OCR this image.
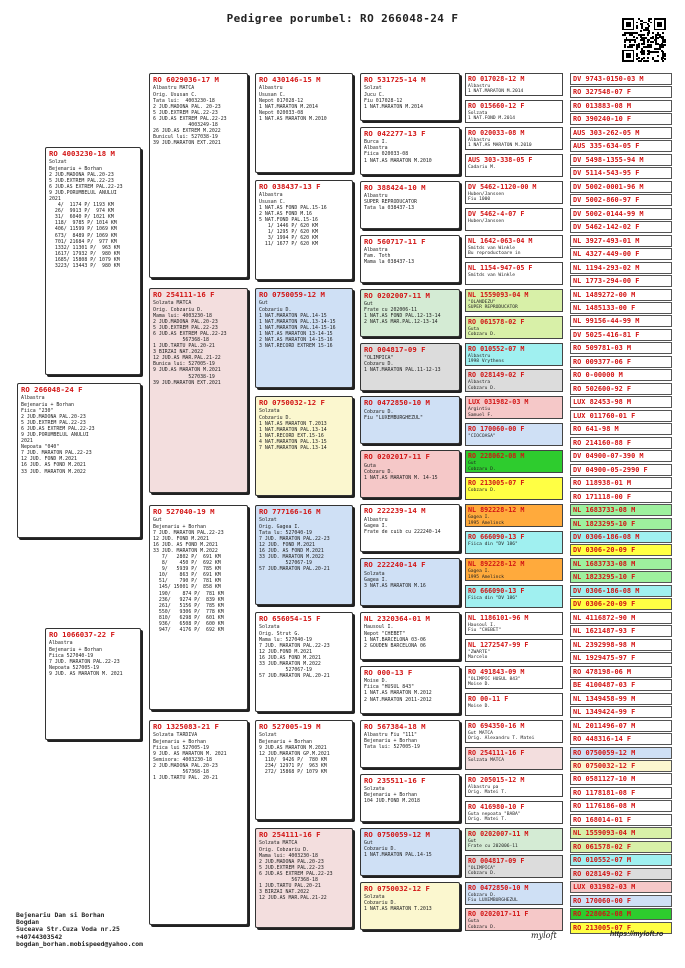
Pedigree porumbel: RO 266048-24 F
RO 266048-24 F
Albastra
Bejenariu + Borhan
Fiica "230"
2 JUD.MADONA PAL.20-23
5 JUD.EXTREM PAL.22-23
6 JUD.AS EXTREM PAL.22-23
9 JUD.PORUMBELUL ANULUI
2021
Nepoata "040"
7 JUD. MARATON PAL.22-23
12 JUD. FOND M.2021
16 JUD. AS FOND M.2021
33 JUD. MARATON M.2022
RO 4003230-18 M
Solzat
Bejenariu + Borhan
2 JUD.MADONA PAL.20-23
5 JUD.EXTREM PAL.22-23
6 JUD.AS EXTREM PAL.22-23
9 JUD.PORUMBELUL ANULUI
2021
4/  1174 P/ 1193 KM
26/  9913 P/  974 KM
31/  6040 P/ 1021 KM
118/  9785 P/ 1014 KM
406/ 11599 P/ 1069 KM
673/  8489 P/ 1069 KM
701/ 21684 P/  977 KM
1332/ 11301 P/  963 KM
1617/ 17932 P/  980 KM
1685/ 15808 P/ 1079 KM
3223/ 13443 P/  980 KM
RO 1066037-22 F
Albastra
Bejenariu + Borhan
Fiica 527040-19
7 JUD. MARATON PAL.22-23
Nepoata 527005-19
9 JUD. AS MARATON M. 2021
RO 6029036-17 M
Albastru MATCA
Orig. Ususan C.
Tata lui:  4003230-18
2 JUD.MADONA PAL. 20-23
5 JUD.EXTREM PAL.22-23
6 JUD.AS EXTREM PAL.22-23
4003249-18
26 JUD.AS EXTREM M.2022
Bunicul lui: 527038-19
39 JUD.MARATON EXT.2021
RO 254111-16 F
Solzata MATCA
Orig. Cobzariu D.
Mama lui: 4003230-18
2 JUD.MADONA PAL.20-23
5 JUD.EXTREM PAL.22-23
6 JUD.AS EXTREM PAL.22-23
567368-18
1 JUD.TARTU PAL.20-21
3 BIRZAI NAT.2022
12 JUD.AS MAR.PAL.21-22
Bunica lui: 527005-19
9 JUD.AS MARATON M.2021
527038-19
39 JUD.MARATON EXT.2021
RO 527040-19 M
Gut
Bejenariu + Borhan
7 JUD. MARATON PAL.22-23
12 JUD. FOND M.2021
16 JUD. AS FOND M.2021
33 JUD. MARATON M.2022
7/   2802 P/  691 KM
8/    450 P/  692 KM
9/   5939 P/  785 KM
10/    863 P/  691 KM
51/    790 P/  781 KM
145/ 15001 P/  858 KM
190/    874 P/  781 KM
236/   9274 P/  839 KM
261/   5156 P/  785 KM
550/   9306 P/  778 KM
810/   6298 P/  601 KM
936/   6508 P/  600 KM
947/   4176 P/  692 KM
RO 1325083-21 F
Solzata TARDIVA
Bejenariu + Borhan
Fiica lui 527005-19
9 JUD. AS MARATON M. 2021
Semisora: 4003230-18
2 JUD.MADONA PAL.20-23
567368-18
1 JUD.TARTU PAL. 20-21
RO 430146-15 M
Albastru
Ususan C.
Nepot 017028-12
1 NAT.MARATON M.2014
Nepot 020033-08
1 NAT.AS MARATON M.2010
RO 038437-13 F
Albastra
Ususan C.
1 NAT.AS FOND PAL.15-16
2 NAT.AS FOND M.16
5 NAT.FOND PAL.15-16
1/ 1446 P/ 620 KM
1/ 1295 P/ 620 KM
3/ 1994 P/ 620 KM
11/ 1677 P/ 620 KM
RO 0750059-12 M
Gut
Cobzariu D.
1 NAT.MARATON PAL.14-15
1 NAT.MARATON PAL.13-14-15
1 NAT.MARATON PAL.14-15-16
1 NAT.AS MARATON 13-14-15
2 NAT.AS MARATON 14-15-16
3 NAT.RECORD EXTREM 15-16
RO 0750032-12 F
Solzata
Cobzariu D.
1 NAT.AS MARATON T.2013
1 NAT.MARATON PAL.13-14
1 NAT.RECORD EXT.15-16
4 NAT.MARATON PAL.13-15
7 NAT.MARATON PAL.13-14
RO 777166-16 M
Solzat
Orig. Gagea I.
Tata lu: 527040-19
7 JUD. MARATON PAL.22-23
12 JUD. FOND M.2021
16 JUD. AS FOND M.2021
33 JUD. MARATON M.2022
527067-19
57 JUD.MARATON PAL.20-21
RO 656054-15 F
Solzata
Orig. Strut G.
Mama lu: 527040-19
7 JUD. MARATON PAL.22-23
12 JUD.FOND M.2021
16 JUD.AS FOND M.2021
33 JUD.MARATON M.2022
527067-19
57 JUD.MARATON PAL.20-21
RO 527005-19 M
Solzat
Bejenariu + Borhan
9 JUD.AS MARATON M.2021
12 JUD.MARATON GP.M.2021
110/  9426 P/  780 KM
234/ 12971 P/  963 KM
272/ 15868 P/ 1079 KM
RO 254111-16 F
Solzata MATCA
Orig. Cobzariu D.
Mama lui: 4003230-18
2 JUD.MADONA PAL.20-23
5 JUD.EXTREM PAL.22-23
6 JUD.AS EXTREM PAL.22-23
567368-18
1 JUD.TARTU PAL.20-21
3 BIRZAI NAT.2022
12 JUD.AS MAR.PAL.21-22
RO 531725-14 M
Solzat
Jucu C.
Fiu 017028-12
1 NAT.MARATON M.2014
RO 042277-13 F
Burca I.
Albastra
Fiica 020033-08
1 NAT.AS MARATON M.2010
RO 388424-10 M
Albastru
SUPER REPRODUCATOR
Tata la 038437-13
RO 560717-11 F
Albastra
Fam. Toth
Mama la 038437-13
RO 0202007-11 M
Gut
Frate cu 202006-11
1 NAT.AS FOND PAL.12-13-14
2 NAT.AS MAR.PAL.12-13-14
RO 004817-09 F
"OLIMPICA"
Cobzaru D.
1 NAT.MARATON PAL.11-12-13
RO 0472850-10 M
Cobzaru D.
Fiu "LUXEMBURGHEZUL"
RO 0202017-11 F
Guta
Cobzaru D.
1 NAT.AS MARATON M. 14-15
RO 222239-14 M
Albastru
Gagea I.
Frate de cuib cu 222240-14
RO 222240-14 F
Solzata
Gagea I.
3 NAT.AS MARATON M.16
NL 2320364-01 M
Hausoul I.
Nepot "CHEBET"
1 NAT.BARCELONA 03-06
2 GOUDEN BARCELONA 06
RO 000-13 F
Moise D.
Fiica "HUSUL 843"
1 NAT.AS MARATON M.2012
2 NAT.MARATON 2011-2012
RO 567384-18 M
Albastru Fiu "111"
Bejenariu + Borhan
Tata lui: 527005-19
RO 235511-16 F
Solzata
Bejenariu + Borhan
104 JUD.FOND M.2018
RO 0750059-12 M
Gut
Cobzariu D.
1 NAT.MARATON PAL.14-15
RO 0750032-12 F
Solzata
Cobzariu D.
1 NAT.AS MARATON T.2013
RO 017028-12 M
Albastru
1 NAT.MARATON M.2014
RO 015660-12 F
Solzata
1 NAT.FOND M.2014
RO 020033-08 M
Albastru
1 NAT.AS MARATON M.2010
AUS 303-338-05 F
Cadariu M.
DV 5462-1120-00 M
Huben/Janssen
Fiu 1000
DV 5462-4-07 F
Huben/Janssen
NL 1642-063-04 M
Smitds van Winkle
Bu reproductoare in
NL 1154-947-05 F
Smitds van Winkle
NL 1559093-04 M
"OLANDEZU"
SUPER REPRODUCATOR
RO 061578-02 F
Guta
Cobzaru D.
RO 010552-07 M
Albastru
1998 Vrythens
RO 028149-02 F
Albastra
Cobzaru D.
LUX 031982-03 M
Argintiu
Samuel F.
RO 170060-00 F
"CIOCOASA"
RO 228062-08 M
Gut
Cobzaru D.
RO 213005-07 F
Cobzaru D.
NL 892228-12 M
Gagea I.
1995 Amelinck
RO 666090-13 F
Fiica din "DV 186"
NL 892228-12 M
Gagea I.
1995 Amelinck
RO 666090-13 F
Fiica din "DV 186"
NL 1186101-96 M
Hausoul I.
Fiu "CHEBET"
NL 1272547-99 F
"ZWARTE"
Marcelo
RO 491843-09 M
"OLIMPIC HUSUL 843"
Moise D.
RO 00-11 F
Moise D.
RO 694350-16 M
Gut MATCA
Orig. Alexandru T. Matei
RO 254111-16 F
Solzata MATCA
RO 205015-12 M
Albastru pa
Orig. Matei T.
RO 416980-10 F
Guta nepoata "BABA"
Orig. Matei T.
RO 0202007-11 M
Gut
Frate cu 202006-11
RO 004817-09 F
"OLIMPICA"
Cobzaru D.
RO 0472850-10 M
Cobzaru D.
Fiu LUXEMBURGHEZUL
RO 0202017-11 F
Guta
Cobzaru D.
DV 9743-0150-03 M
RO 327548-07 F
RO 013883-08 M
RO 390240-10 F
AUS 303-262-05 M
AUS 335-634-05 F
DV 5498-1355-94 M
DV 5114-543-95 F
DV 5002-0001-96 M
DV 5002-860-97 F
DV 5002-0144-99 M
DV 5462-142-02 F
NL 3927-493-01 M
NL 4327-449-00 F
NL 1194-293-02 M
NL 1773-294-00 F
NL 1489272-00 M
NL 1485133-00 F
NL 99156-44-99 M
DV 5025-416-81 F
RO 509781-03 M
RO 009377-06 F
RO 0-00000 M
RO 502600-92 F
LUX 82453-98 M
LUX 011760-01 F
RO 641-98 M
RO 214160-88 F
DV 04900-07-390 M
DV 04900-05-2990 F
RO 118938-01 M
RO 171118-00 F
NL 1683733-08 M
NL 1823295-10 F
DV 0306-186-08 M
DV 0306-20-09 F
NL 1683733-08 M
NL 1823295-10 F
DV 0306-186-08 M
DV 0306-20-09 F
NL 4116872-90 M
NL 1621487-93 F
NL 2392998-98 M
NL 1929475-97 F
RO 478198-06 M
BE 4100487-03 F
NL 1349458-99 M
NL 1349424-99 F
NL 2011496-07 M
RO 448316-14 F
RO 0750059-12 M
RO 0750032-12 F
RO 0581127-10 M
RO 1178181-08 F
RO 1176186-08 M
RO 168014-01 F
NL 1559093-04 M
RO 061578-02 F
RO 010552-07 M
RO 028149-02 F
LUX 031982-03 M
RO 170060-00 F
RO 228062-08 M
RO 213005-07 F
Bejenariu Dan si Borhan
Bogdan
Suceava Str.Cuza Voda nr.25
+40744303542
bogdan_borhan.mobispeed@yahoo.com
myloft	https://myloft.ro
